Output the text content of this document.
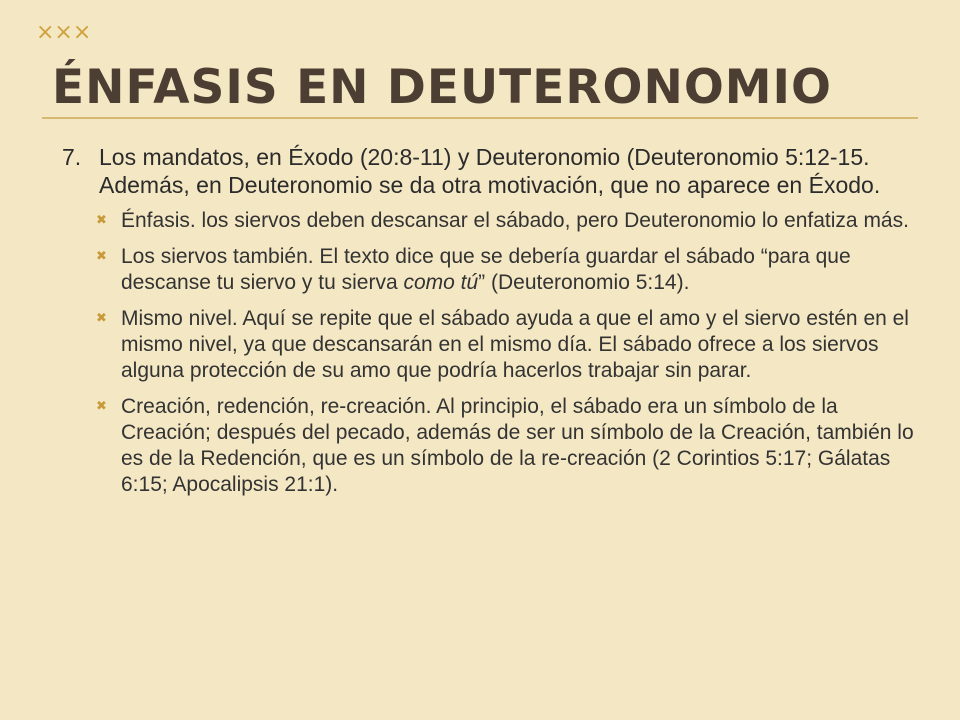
×××
ÉNFASIS EN DEUTERONOMIO
7. Los mandatos, en Éxodo (20:8-11) y Deuteronomio (Deuteronomio 5:12-15. Además, en Deuteronomio se da otra motivación, que no aparece en Éxodo.
✖ Énfasis. los siervos deben descansar el sábado, pero Deuteronomio lo enfatiza más.
✖ Los siervos también. El texto dice que se debería guardar el sábado “para que descanse tu siervo y tu sierva como tú” (Deuteronomio 5:14).
✖ Mismo nivel. Aquí se repite que el sábado ayuda a que el amo y el siervo estén en el mismo nivel, ya que descansarán en el mismo día. El sábado ofrece a los siervos alguna protección de su amo que podría hacerlos trabajar sin parar.
✖ Creación, redención, re-creación. Al principio, el sábado era un símbolo de la Creación; después del pecado, además de ser un símbolo de la Creación, también lo es de la Redención, que es un símbolo de la re-creación (2 Corintios 5:17; Gálatas 6:15; Apocalipsis 21:1).
